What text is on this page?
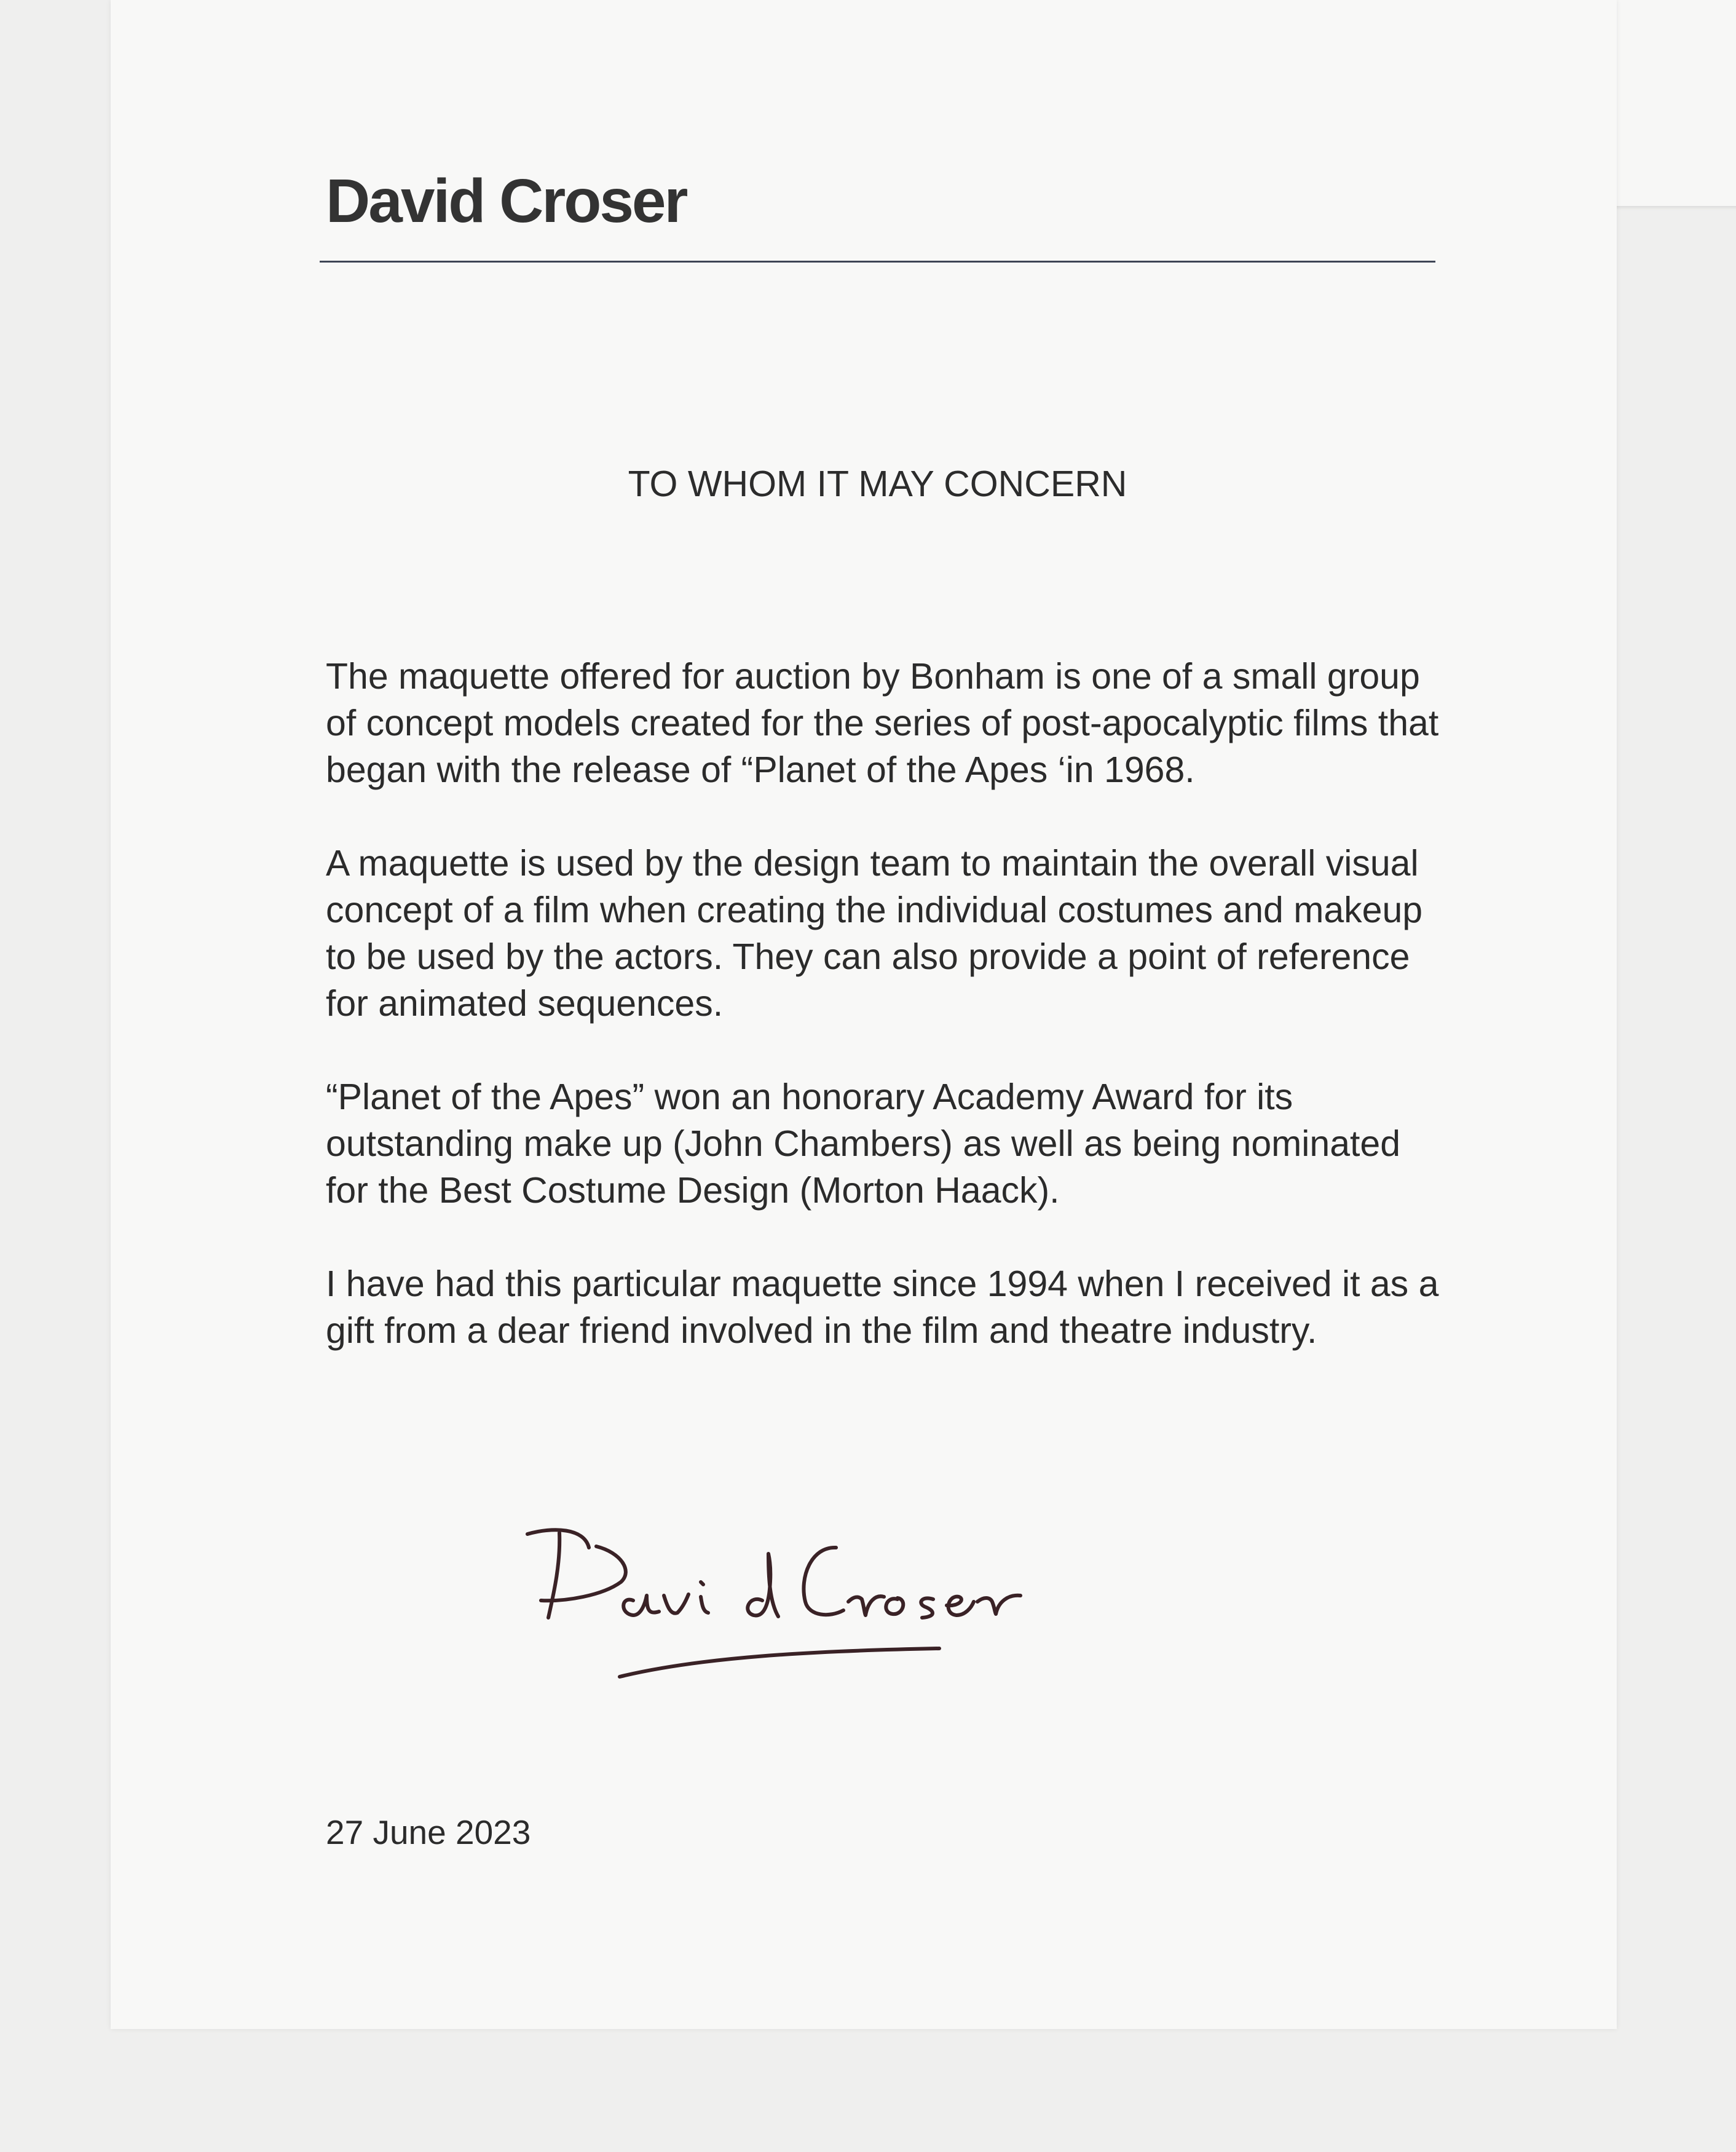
David Croser

TO WHOM IT MAY CONCERN

The maquette offered for auction by Bonham is one of a small group of concept models created for the series of post-apocalyptic films that began with the release of “Planet of the Apes ‘in 1968.

A maquette is used by the design team to maintain the overall visual concept of a film when creating the individual costumes and makeup to be used by the actors. They can also provide a point of reference for animated sequences.

“Planet of the Apes” won an honorary Academy Award for its outstanding make up (John Chambers) as well as being nominated for the Best Costume Design (Morton Haack).

I have had this particular maquette since 1994 when I received it as a gift from a dear friend involved in the film and theatre industry.

27 June 2023
